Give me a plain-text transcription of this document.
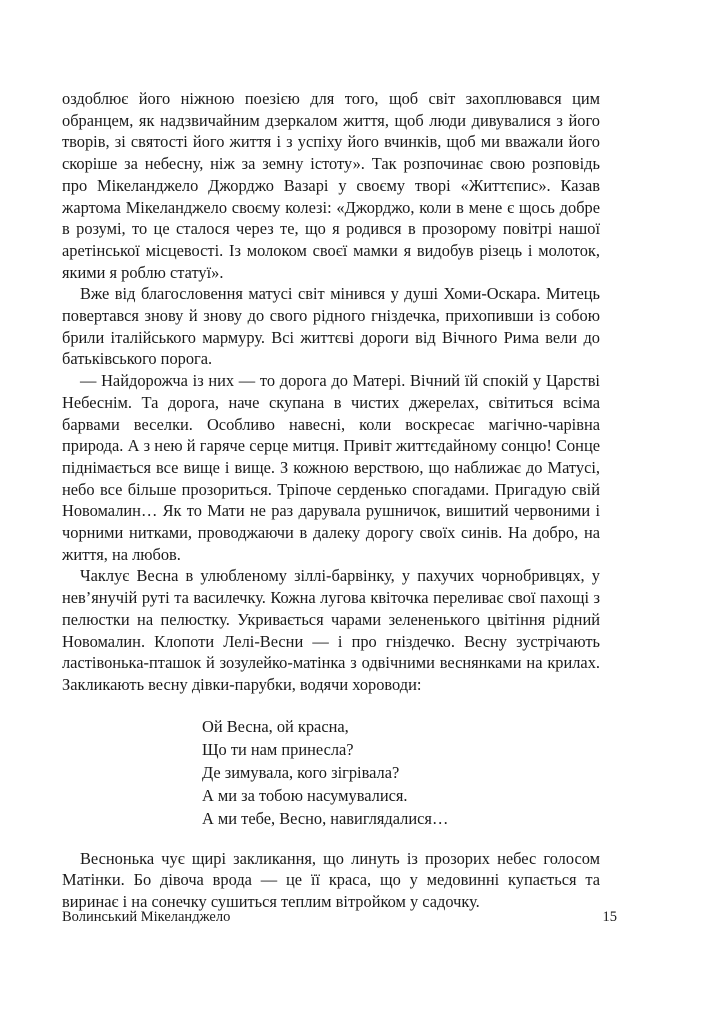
оздоблює його ніжною поезією для того, щоб світ захоплювався цим обранцем, як надзвичайним дзеркалом життя, щоб люди дивувалися з його творів, зі святості його життя і з успіху його вчинків, щоб ми вважали його скоріше за небесну, ніж за земну істоту». Так розпочинає свою розповідь про Мікеланджело Джорджо Вазарі у своєму творі «Життєпис». Казав жартома Мікеланджело своєму колезі: «Джорджо, коли в мене є щось добре в розумі, то це сталося через те, що я родився в прозорому повітрі нашої аретінської місцевості. Із молоком своєї мамки я видобув різець і молоток, якими я роблю статуї».

Вже від благословення матусі світ мінився у душі Хоми-Оскара. Митець повертався знову й знову до свого рідного гніздечка, прихопивши із собою брили італійського мармуру. Всі життєві дороги від Вічного Рима вели до батьківського порога.

— Найдорожча із них — то дорога до Матері. Вічний їй спокій у Царстві Небеснім. Та дорога, наче скупана в чистих джерелах, світиться всіма барвами веселки. Особливо навесні, коли воскресає магічно-чарівна природа. А з нею й гаряче серце митця. Привіт життєдайному сонцю! Сонце піднімається все вище і вище. З кожною верствою, що наближає до Матусі, небо все більше прозориться. Тріпоче серденько спогадами. Пригадую свій Новомалин… Як то Мати не раз дарувала рушничок, вишитий червоними і чорними нитками, проводжаючи в далеку дорогу своїх синів. На добро, на життя, на любов.

Чаклує Весна в улюбленому зіллі-барвінку, у пахучих чорнобривцях, у нев’янучій руті та василечку. Кожна лугова квіточка переливає свої пахощі з пелюстки на пелюстку. Укривається чарами зелененького цвітіння рідний Новомалин. Клопоти Лелі-Весни — і про гніздечко. Весну зустрічають ластівонька-пташок й зозулейко-матінка з одвічними веснянками на крилах. Закликають весну дівки-парубки, водячи хороводи:

Ой Весна, ой красна,
Що ти нам принесла?
Де зимувала, кого зігрівала?
А ми за тобою насумувалися.
А ми тебе, Весно, навиглядалися…

Веснонька чує щирі закликання, що линуть із прозорих небес голосом Матінки. Бо дівоча врода — це її краса, що у медовинні купається та виринає і на сонечку сушиться теплим вітройком у садочку.

Волинський Мікеланджело	15
